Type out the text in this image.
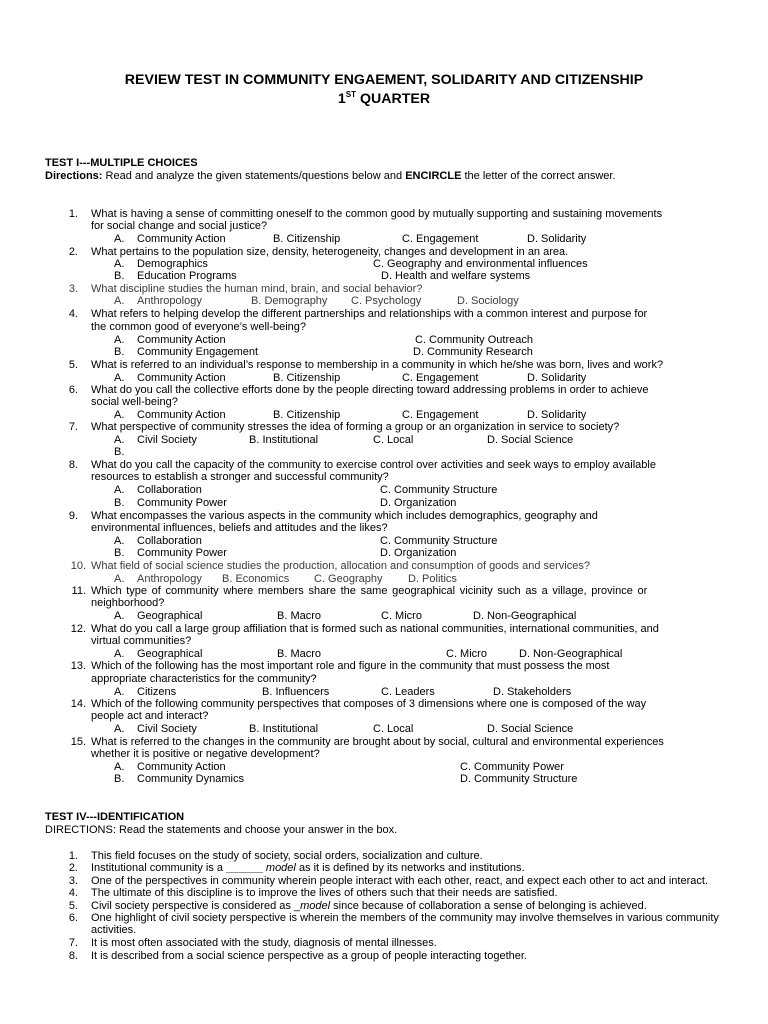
REVIEW TEST IN COMMUNITY ENGAEMENT, SOLIDARITY AND CITIZENSHIP
1ST QUARTER
TEST I---MULTIPLE CHOICES
Directions: Read and analyze the given statements/questions below and ENCIRCLE the letter of the correct answer.
1. What is having a sense of committing oneself to the common good by mutually supporting and sustaining movements
for social change and social justice?
A. Community Action	B. Citizenship	C. Engagement	D. Solidarity
2. What pertains to the population size, density, heterogeneity, changes and development in an area.
A. Demographics	C. Geography and environmental influences
B. Education Programs	D. Health and welfare systems
3. What discipline studies the human mind, brain, and social behavior?
A. Anthropology	B. Demography C. Psychology	D. Sociology
4. What refers to helping develop the different partnerships and relationships with a common interest and purpose for
the common good of everyone’s well-being?
A. Community Action	C. Community Outreach
B. Community Engagement	D. Community Research
5. What is referred to an individual’s response to membership in a community in which he/she was born, lives and work?
A. Community Action	B. Citizenship	C. Engagement	D. Solidarity
6. What do you call the collective efforts done by the people directing toward addressing problems in order to achieve
social well-being?
A. Community Action	B. Citizenship	C. Engagement	D. Solidarity
7. What perspective of community stresses the idea of forming a group or an organization in service to society?
A. Civil Society	B. Institutional	C. Local	D. Social Science
B.
8. What do you call the capacity of the community to exercise control over activities and seek ways to employ available
resources to establish a stronger and successful community?
A. Collaboration	C. Community Structure
B. Community Power	D. Organization
9. What encompasses the various aspects in the community which includes demographics, geography and
environmental influences, beliefs and attitudes and the likes?
A. Collaboration	C. Community Structure
B. Community Power	D. Organization
10. What field of social science studies the production, allocation and consumption of goods and services?
A. Anthropology B. Economics C. Geography D. Politics
11. Which type of community where members share the same geographical vicinity such as a village, province or
neighborhood?
A. Geographical	B. Macro	C. Micro	D. Non-Geographical
12. What do you call a large group affiliation that is formed such as national communities, international communities, and
virtual communities?
A. Geographical	B. Macro	C. Micro	D. Non-Geographical
13. Which of the following has the most important role and figure in the community that must possess the most
appropriate characteristics for the community?
A. Citizens	B. Influencers	C. Leaders	D. Stakeholders
14. Which of the following community perspectives that composes of 3 dimensions where one is composed of the way
people act and interact?
A. Civil Society	B. Institutional	C. Local	D. Social Science
15. What is referred to the changes in the community are brought about by social, cultural and environmental experiences
whether it is positive or negative development?
A. Community Action	C. Community Power
B. Community Dynamics	D. Community Structure
TEST IV---IDENTIFICATION
DIRECTIONS: Read the statements and choose your answer in the box.
1. This field focuses on the study of society, social orders, socialization and culture.
2. Institutional community is a ______ model as it is defined by its networks and institutions.
3. One of the perspectives in community wherein people interact with each other, react, and expect each other to act and interact.
4. The ultimate of this discipline is to improve the lives of others such that their needs are satisfied.
5. Civil society perspective is considered as _model since because of collaboration a sense of belonging is achieved.
6. One highlight of civil society perspective is wherein the members of the community may involve themselves in various community
activities.
7. It is most often associated with the study, diagnosis of mental illnesses.
8. It is described from a social science perspective as a group of people interacting together.
